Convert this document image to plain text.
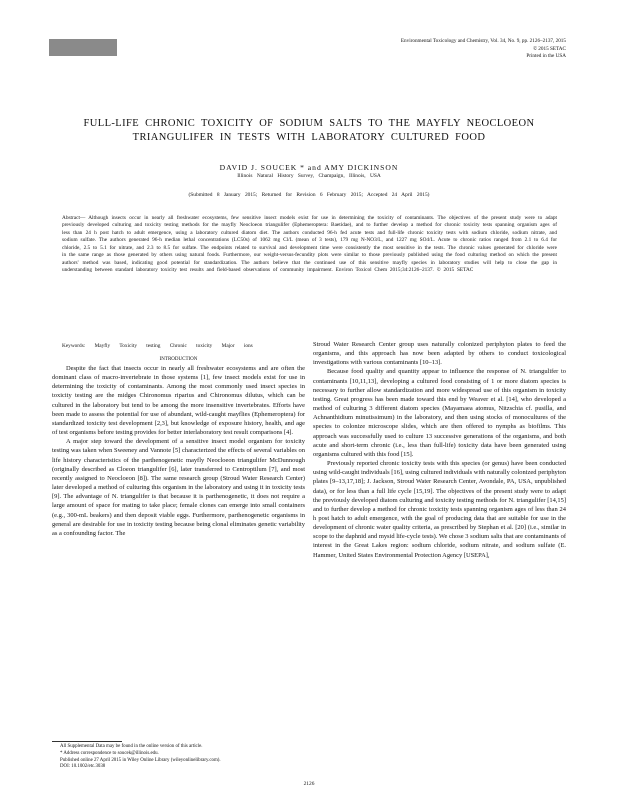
Environmental Toxicology and Chemistry, Vol. 34, No. 9, pp. 2126–2137, 2015
© 2015 SETAC
Printed in the USA
FULL-LIFE CHRONIC TOXICITY OF SODIUM SALTS TO THE MAYFLY NEOCLOEON
TRIANGULIFER IN TESTS WITH LABORATORY CULTURED FOOD
DAVID J. SOUCEK * and AMY DICKINSON
Illinois Natural History Survey, Champaign, Illinois, USA
(Submitted 8 January 2015; Returned for Revision 6 February 2015; Accepted 24 April 2015)
Abstract— Although insects occur in nearly all freshwater ecosystems, few sensitive insect models exist for use in determining the toxicity of contaminants. The objectives of the present study were to adapt previously developed culturing and toxicity testing methods for the mayfly Neocloeon triangulifer (Ephemeroptera: Baetidae), and to further develop a method for chronic toxicity tests spanning organism ages of less than 24 h post hatch to adult emergence, using a laboratory cultured diatom diet. The authors conducted 96-h fed acute tests and full-life chronic toxicity tests with sodium chloride, sodium nitrate, and sodium sulfate. The authors generated 96-h median lethal concentrations (LC50s) of 1062 mg Cl/L (mean of 3 tests), 179 mg N-NO3/L, and 1227 mg SO4/L. Acute to chronic ratios ranged from 2.1 to 6.4 for chloride, 2.5 to 5.1 for nitrate, and 2.3 to 8.5 for sulfate. The endpoints related to survival and development time were consistently the most sensitive in the tests. The chronic values generated for chloride were in the same range as those generated by others using natural foods. Furthermore, our weight-versus-fecundity plots were similar to those previously published using the food culturing method on which the present authors' method was based, indicating good potential for standardization. The authors believe that the continued use of this sensitive mayfly species in laboratory studies will help to close the gap in understanding between standard laboratory toxicity test results and field-based observations of community impairment. Environ Toxicol Chem 2015;34:2126–2137. © 2015 SETAC
Keywords: Mayfly Toxicity testing Chronic toxicity Major ions

INTRODUCTION

Despite the fact that insects occur in nearly all freshwater ecosystems and are often the dominant class of macro-invertebrate in those systems [1], few insect models exist for use in determining the toxicity of contaminants. Among the most commonly used insect species in toxicity testing are the midges Chironomus riparius and Chironomus dilutus, which can be cultured in the laboratory but tend to be among the more insensitive invertebrates. Efforts have been made to assess the potential for use of abundant, wild-caught mayflies (Ephemeroptera) for standardized toxicity test development [2,3], but knowledge of exposure history, health, and age of test organisms before testing provides for better interlaboratory test result comparisons [4].

A major step toward the development of a sensitive insect model organism for toxicity testing was taken when Sweeney and Vannote [5] characterized the effects of several variables on life history characteristics of the parthenogenetic mayfly Neocloeon triangulifer McDunnough (originally described as Cloeon triangulifer [6], later transferred to Centroptilum [7], and most recently assigned to Neocloeon [8]). The same research group (Stroud Water Research Center) later developed a method of culturing this organism in the laboratory and using it in toxicity tests [9]. The advantage of N. triangulifer is that because it is parthenogenetic, it does not require a large amount of space for mating to take place; female clones can emerge into small containers (e.g., 300-mL beakers) and then deposit viable eggs. Furthermore, parthenogenetic organisms in general are desirable for use in toxicity testing because being clonal eliminates genetic variability as a confounding factor. The

Stroud Water Research Center group uses naturally colonized periphyton plates to feed the organisms, and this approach has now been adapted by others to conduct toxicological investigations with various contaminants [10–13].

Because food quality and quantity appear to influence the response of N. triangulifer to contaminants [10,11,13], developing a cultured food consisting of 1 or more diatom species is necessary to further allow standardization and more widespread use of this organism in toxicity testing. Great progress has been made toward this end by Weaver et al. [14], who developed a method of culturing 3 different diatom species (Mayamaea atomus, Nitzschia cf. pusilla, and Achnanthidium minutissimum) in the laboratory, and then using stocks of monocultures of the species to colonize microscope slides, which are then offered to nymphs as biofilms. This approach was successfully used to culture 13 successive generations of the organisms, and both acute and short-term chronic (i.e., less than full-life) toxicity data have been generated using organisms cultured with this food [15].

Previously reported chronic toxicity tests with this species (or genus) have been conducted using wild-caught individuals [16], using cultured individuals with naturally colonized periphyton plates [9–13,17,18]; J. Jackson, Stroud Water Research Center, Avondale, PA, USA, unpublished data), or for less than a full life cycle [15,19]. The objectives of the present study were to adapt the previously developed diatom culturing and toxicity testing methods for N. triangulifer [14,15] and to further develop a method for chronic toxicity tests spanning organism ages of less than 24 h post hatch to adult emergence, with the goal of producing data that are suitable for use in the development of chronic water quality criteria, as prescribed by Stephan et al. [20] (i.e., similar in scope to the daphnid and mysid life-cycle tests). We chose 3 sodium salts that are contaminants of interest in the Great Lakes region: sodium chloride, sodium nitrate, and sodium sulfate (E. Hammer, United States Environmental Protection Agency [USEPA],

All Supplemental Data may be found in the online version of this article.
* Address correspondence to soucek@illinois.edu.
Published online 27 April 2015 in Wiley Online Library (wileyonlinelibrary.com).
DOI: 10.1002/etc.3038
2126
